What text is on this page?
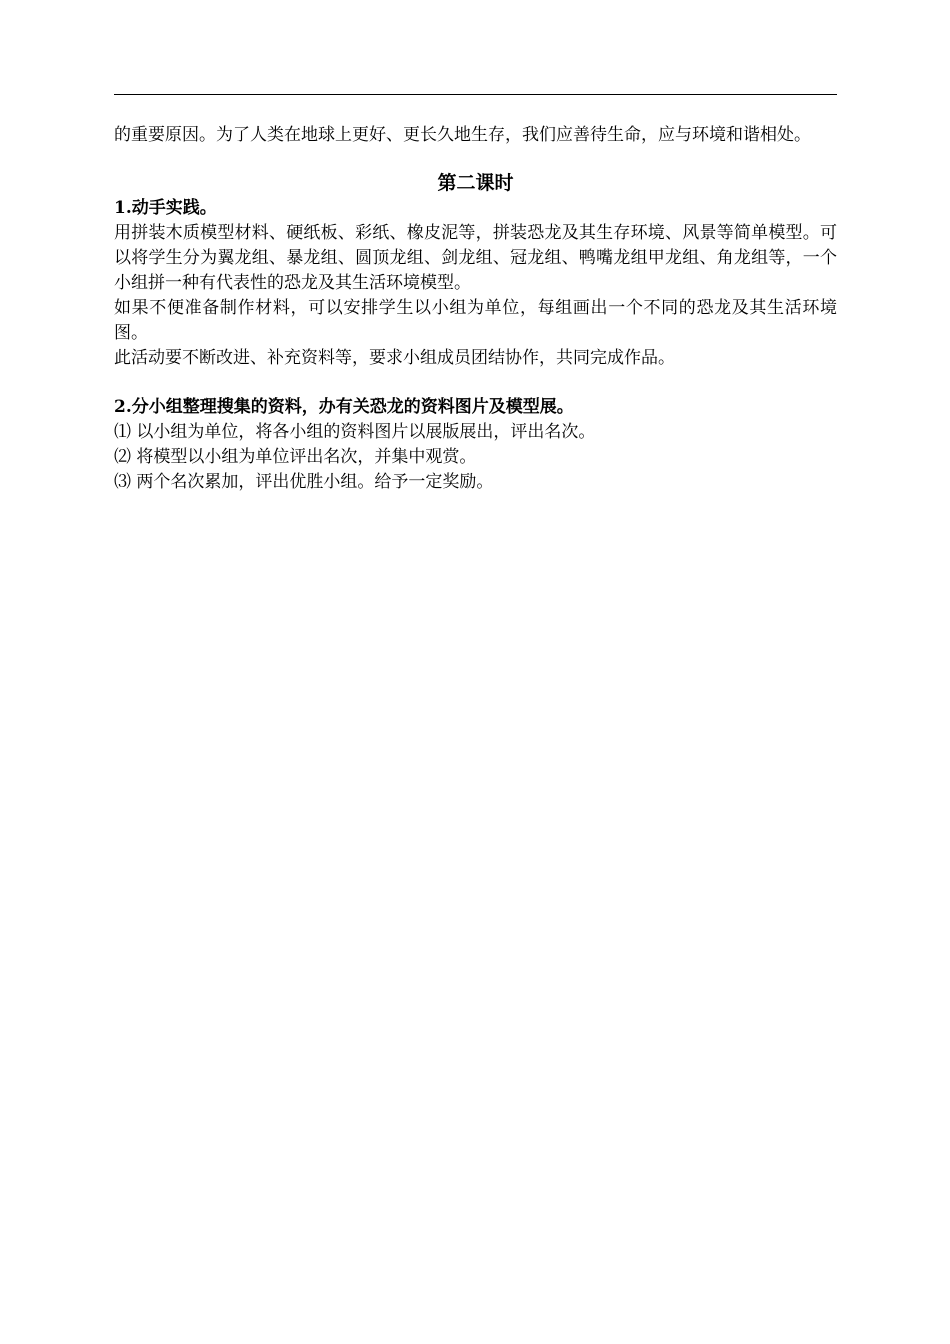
的重要原因。为了人类在地球上更好、更长久地生存，我们应善待生命，应与环境和谐相处。

第二课时

1.动手实践。

用拼装木质模型材料、硬纸板、彩纸、橡皮泥等，拼装恐龙及其生存环境、风景等简单模型。可以将学生分为翼龙组、暴龙组、圆顶龙组、剑龙组、冠龙组、鸭嘴龙组甲龙组、角龙组等，一个小组拼一种有代表性的恐龙及其生活环境模型。

如果不便准备制作材料，可以安排学生以小组为单位，每组画出一个不同的恐龙及其生活环境图。

此活动要不断改进、补充资料等，要求小组成员团结协作，共同完成作品。

2.分小组整理搜集的资料，办有关恐龙的资料图片及模型展。

⑴ 以小组为单位，将各小组的资料图片以展版展出，评出名次。

⑵ 将模型以小组为单位评出名次，并集中观赏。

⑶ 两个名次累加，评出优胜小组。给予一定奖励。
